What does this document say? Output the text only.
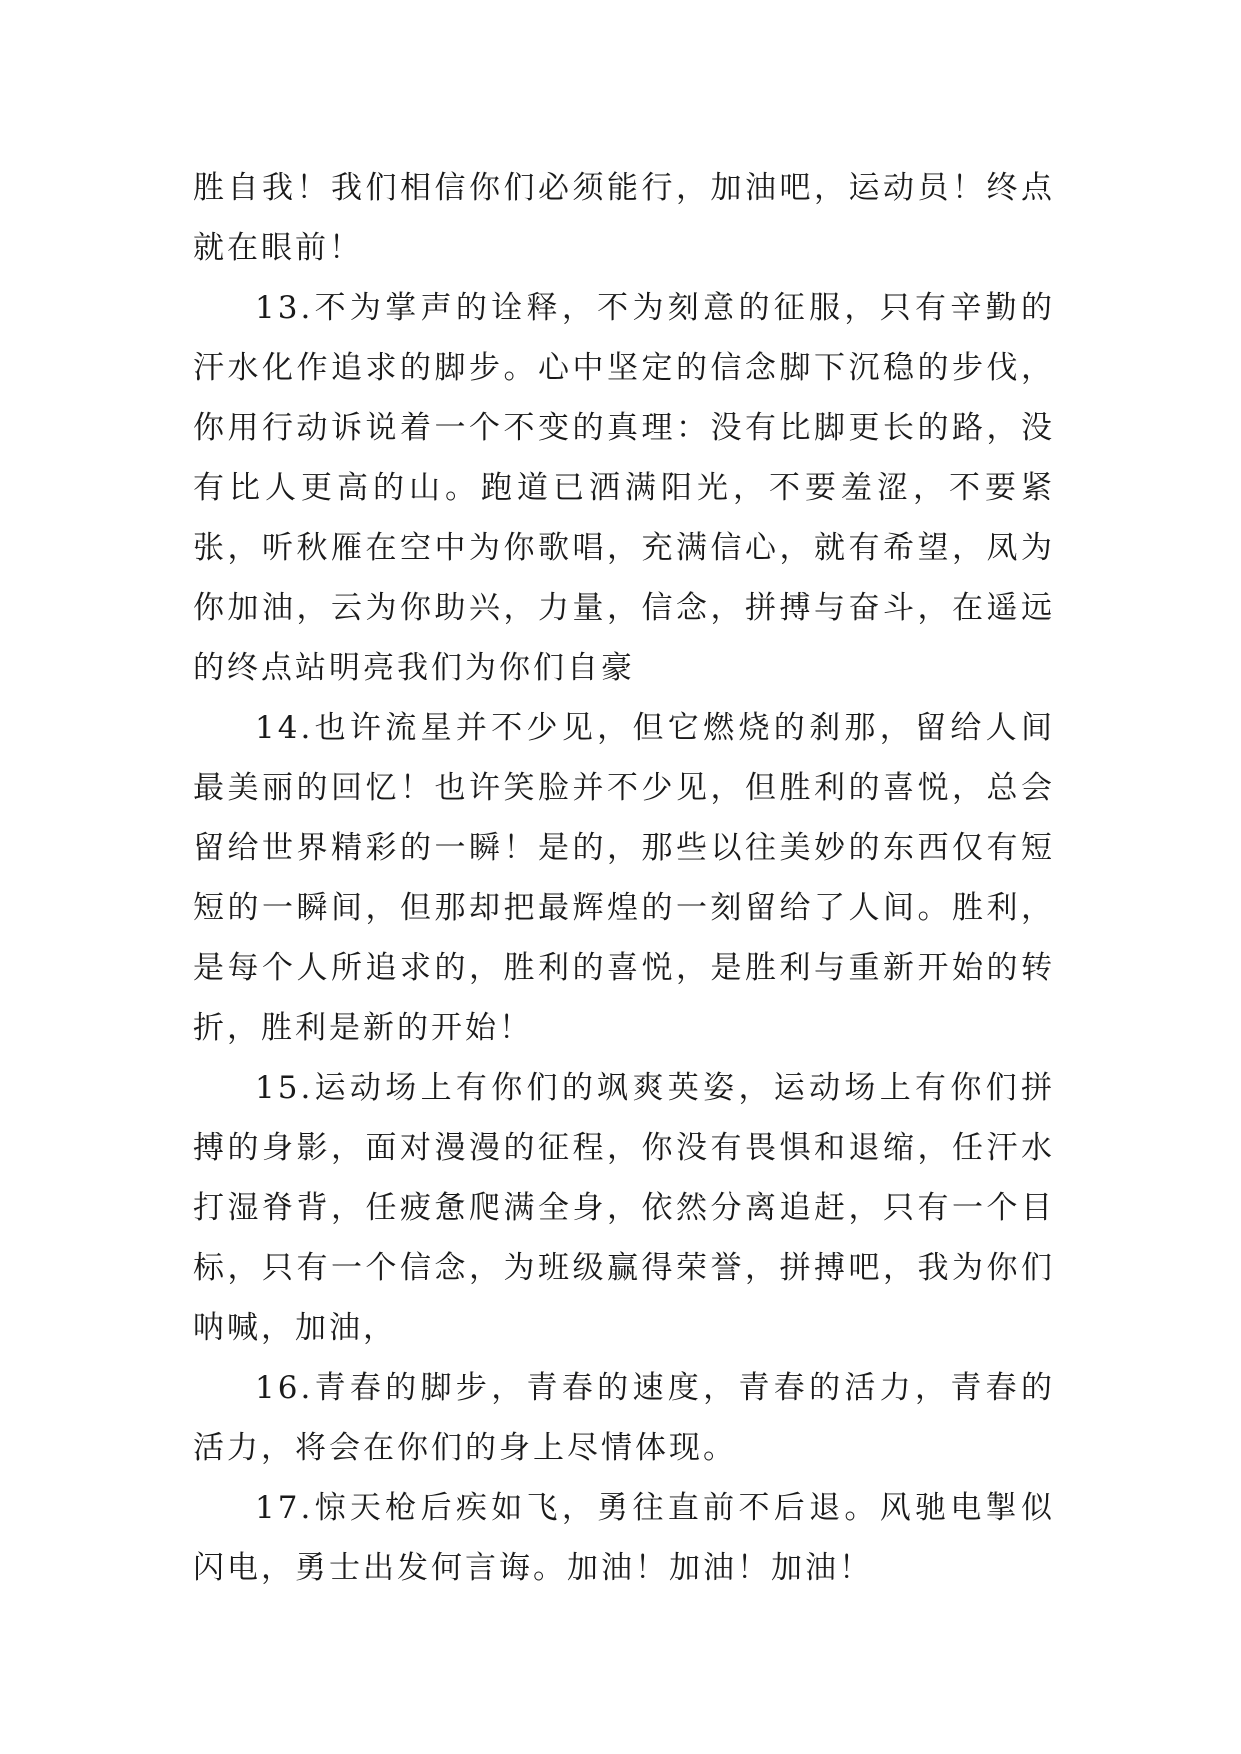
胜自我！我们相信你们必须能行，加油吧，运动员！终点就在眼前！

13.不为掌声的诠释，不为刻意的征服，只有辛勤的汗水化作追求的脚步。心中坚定的信念脚下沉稳的步伐，你用行动诉说着一个不变的真理：没有比脚更长的路，没有比人更高的山。跑道已洒满阳光，不要羞涩，不要紧张，听秋雁在空中为你歌唱，充满信心，就有希望，凤为你加油，云为你助兴，力量，信念，拼搏与奋斗，在遥远的终点站明亮我们为你们自豪

14.也许流星并不少见，但它燃烧的刹那，留给人间最美丽的回忆！也许笑脸并不少见，但胜利的喜悦，总会留给世界精彩的一瞬！是的，那些以往美妙的东西仅有短短的一瞬间，但那却把最辉煌的一刻留给了人间。胜利，是每个人所追求的，胜利的喜悦，是胜利与重新开始的转折，胜利是新的开始！

15.运动场上有你们的飒爽英姿，运动场上有你们拼搏的身影，面对漫漫的征程，你没有畏惧和退缩，任汗水打湿脊背，任疲惫爬满全身，依然分离追赶，只有一个目标，只有一个信念，为班级赢得荣誉，拼搏吧，我为你们呐喊，加油，

16.青春的脚步，青春的速度，青春的活力，青春的活力，将会在你们的身上尽情体现。

17.惊天枪后疾如飞，勇往直前不后退。风驰电掣似闪电，勇士出发何言诲。加油！加油！加油！
